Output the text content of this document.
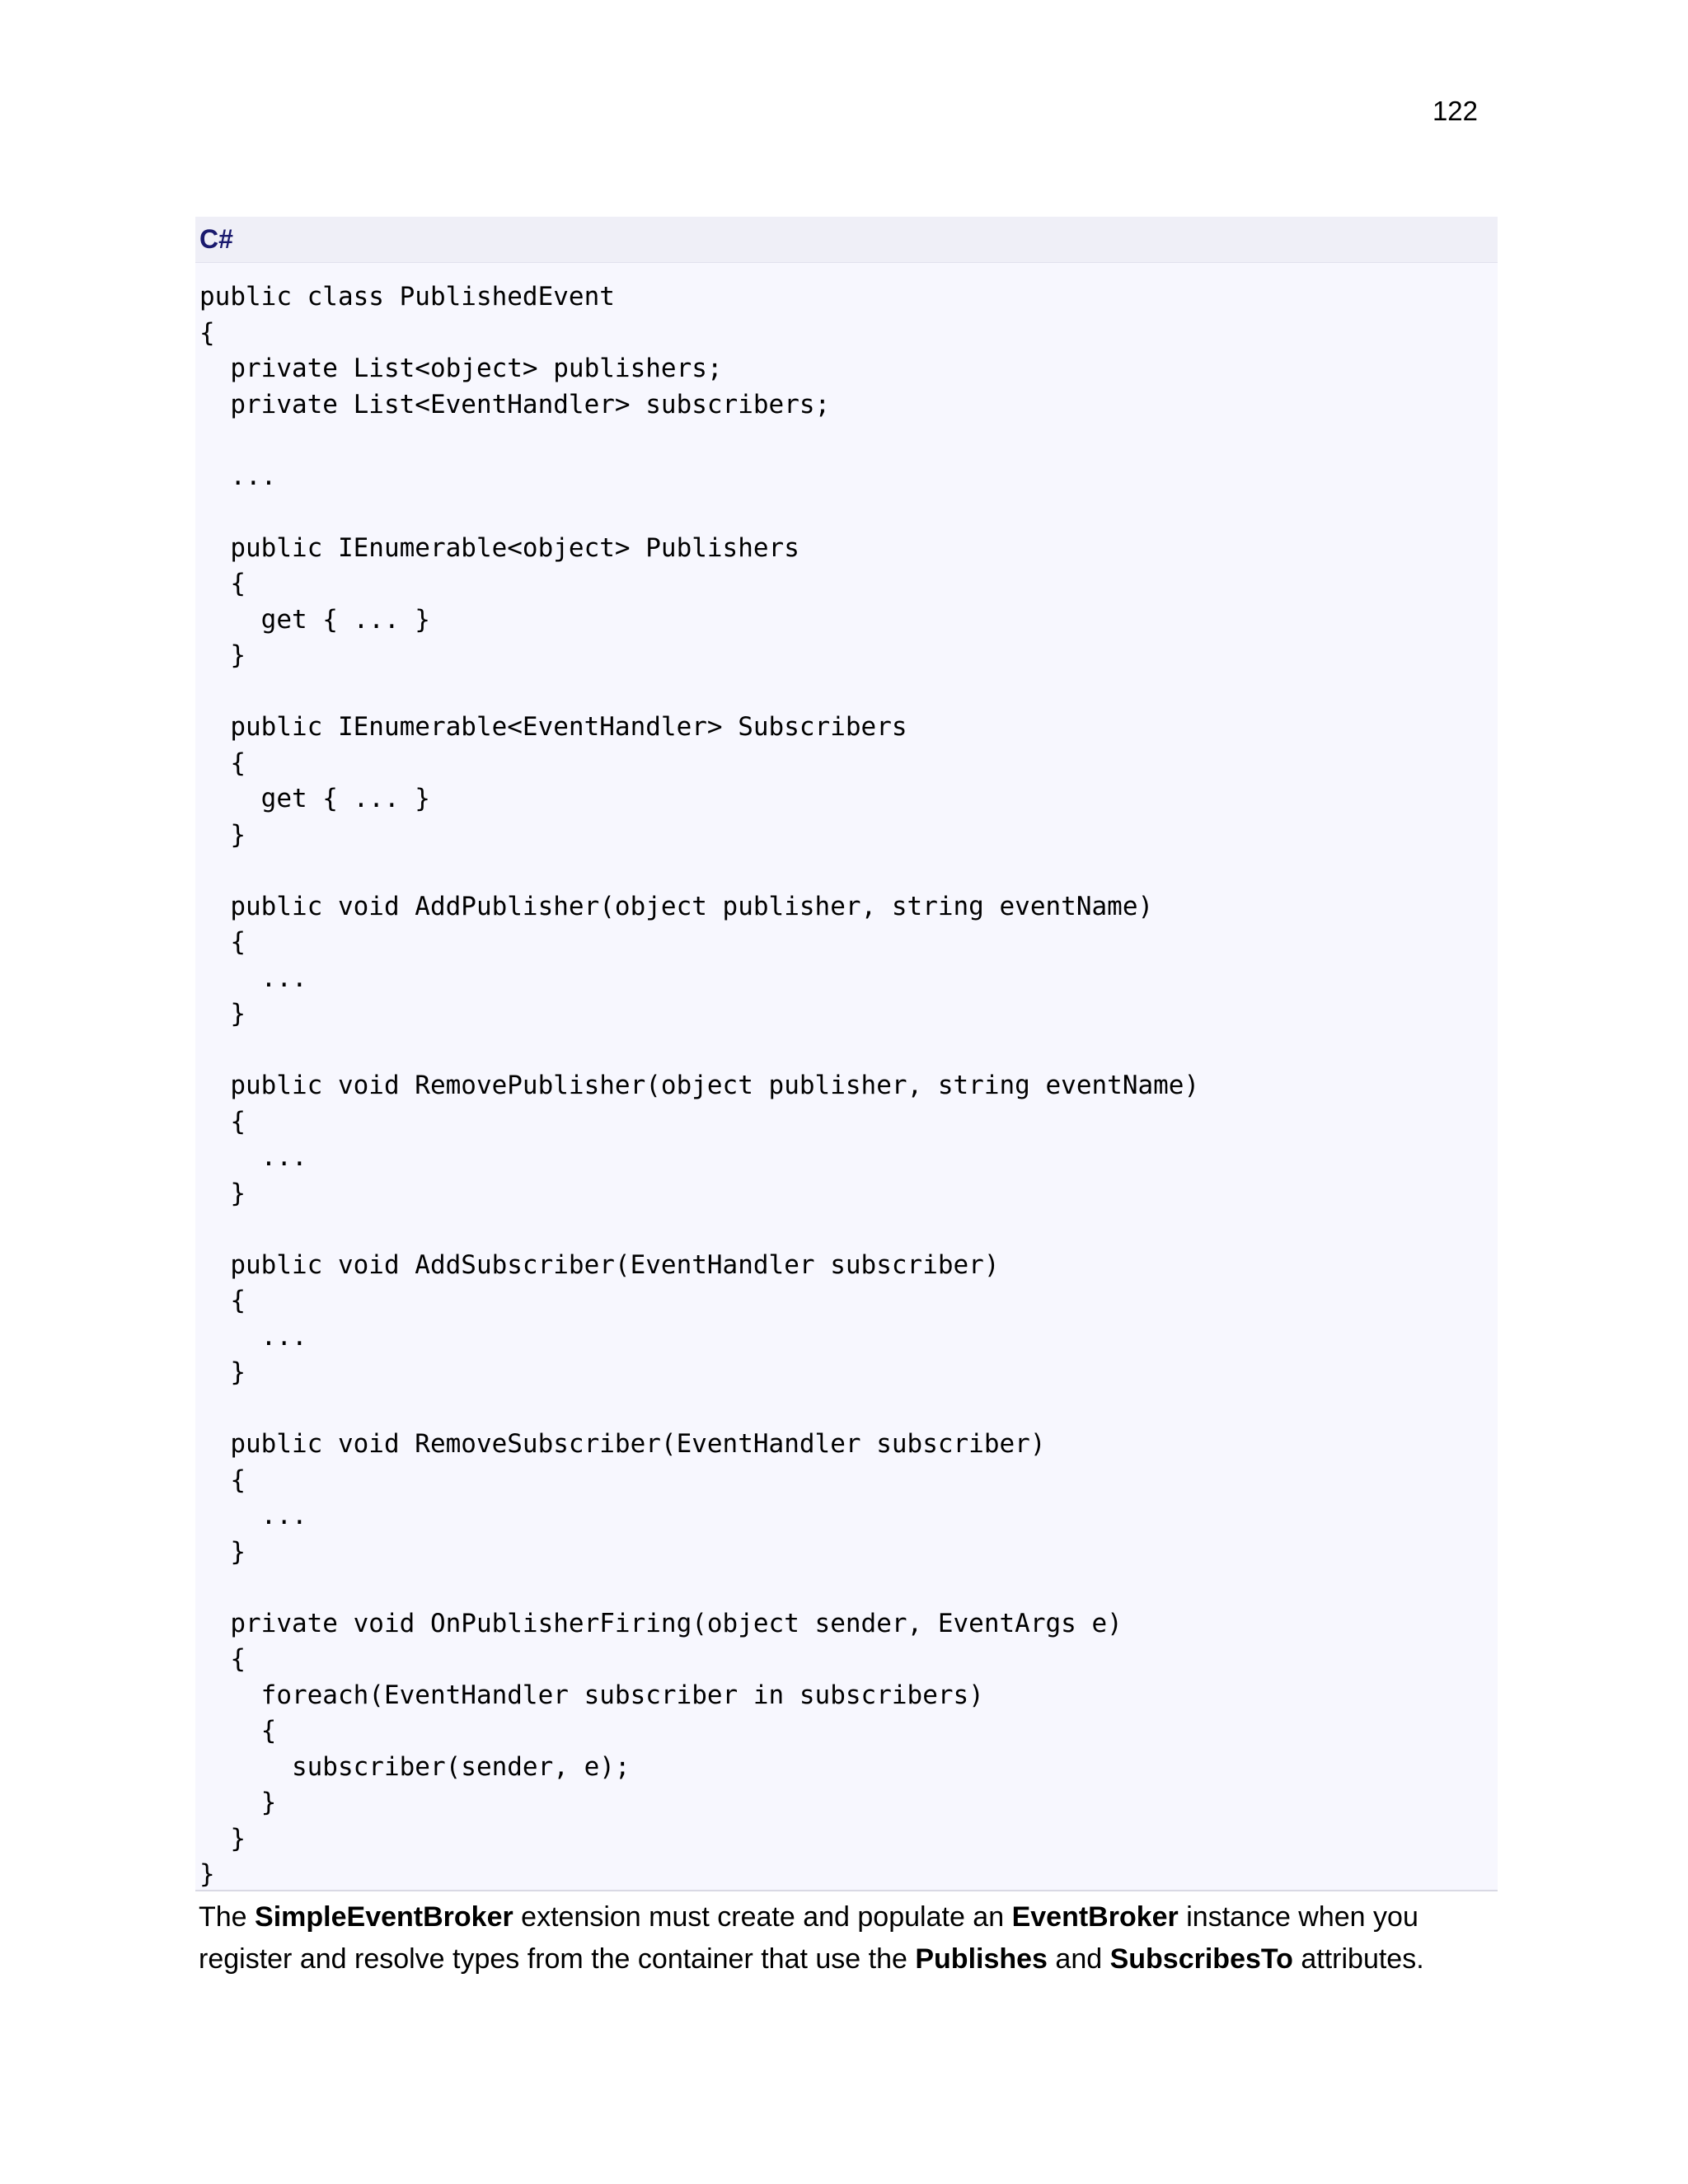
122
C#
public class PublishedEvent
{
private List<object> publishers;
private List<EventHandler> subscribers;
...
public IEnumerable<object> Publishers
{
get { ... }
}
public IEnumerable<EventHandler> Subscribers
{
get { ... }
}
public void AddPublisher(object publisher, string eventName)
{
...
}
public void RemovePublisher(object publisher, string eventName)
{
...
}
public void AddSubscriber(EventHandler subscriber)
{
...
}
public void RemoveSubscriber(EventHandler subscriber)
{
...
}
private void OnPublisherFiring(object sender, EventArgs e)
{
foreach(EventHandler subscriber in subscribers)
{
subscriber(sender, e);
}
}
}
The SimpleEventBroker extension must create and populate an EventBroker instance when you register and resolve types from the container that use the Publishes and SubscribesTo attributes.
